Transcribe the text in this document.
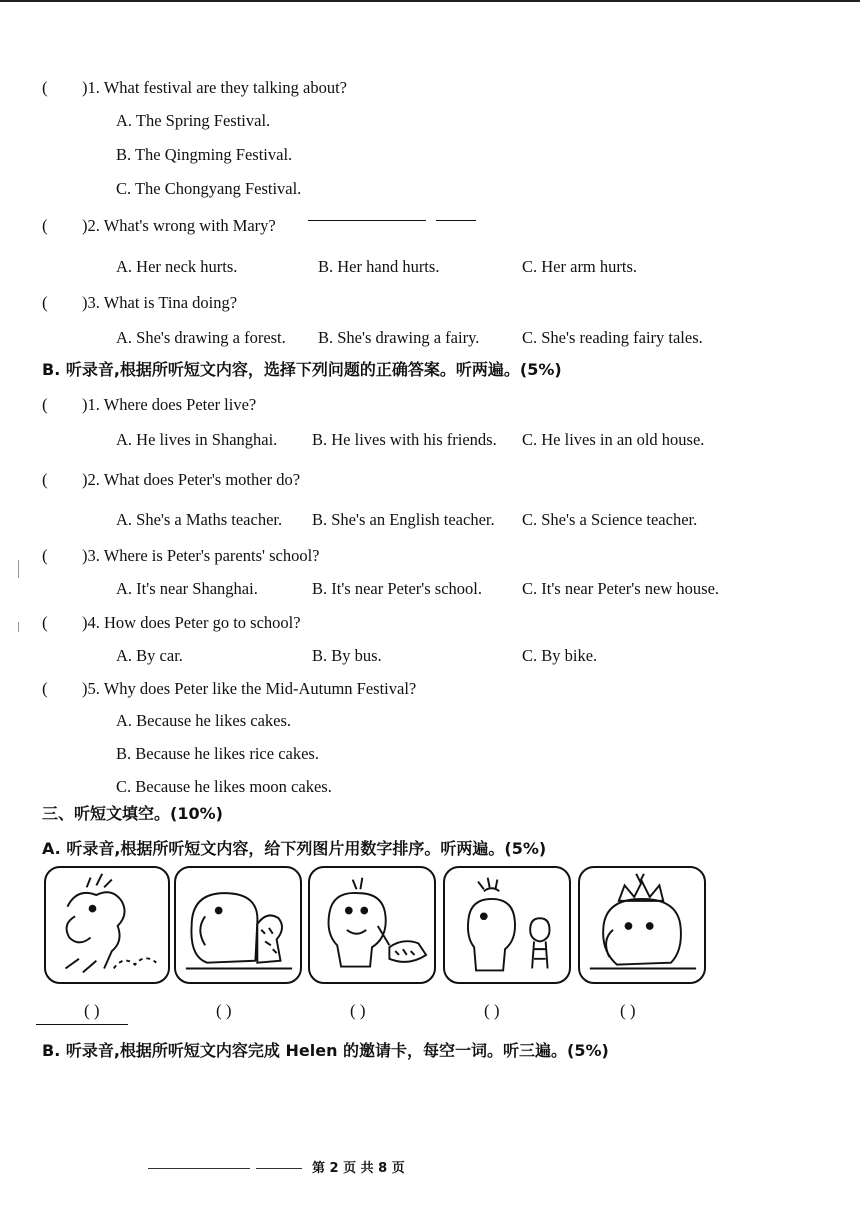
( )1. What festival are they talking about?
A. The Spring Festival.
B. The Qingming Festival.
C. The Chongyang Festival.
( )2. What's wrong with Mary?
A. Her neck hurts.	B. Her hand hurts.	C. Her arm hurts.
( )3. What is Tina doing?
A. She's drawing a forest. B. She's drawing a fairy.	C. She's reading fairy tales.
B. 听录音,根据所听短文内容，选择下列问题的正确答案。听两遍。(5%)
( )1. Where does Peter live?
A. He lives in Shanghai. B. He lives with his friends. C. He lives in an old house.
( )2. What does Peter's mother do?
A. She's a Maths teacher. B. She's an English teacher. C. She's a Science teacher.
( )3. Where is Peter's parents' school?
A. It's near Shanghai.	B. It's near Peter's school. C. It's near Peter's new house.
( )4. How does Peter go to school?
A. By car.	B. By bus.	C. By bike.
( )5. Why does Peter like the Mid-Autumn Festival?
A. Because he likes cakes.
B. Because he likes rice cakes.
C. Because he likes moon cakes.
三、听短文填空。(10%)
A. 听录音,根据所听短文内容，给下列图片用数字排序。听两遍。(5%)
( )	( )	( )	( )	( )
B. 听录音,根据所听短文内容完成 Helen 的邀请卡，每空一词。听三遍。(5%)
第 2 页 共 8 页
